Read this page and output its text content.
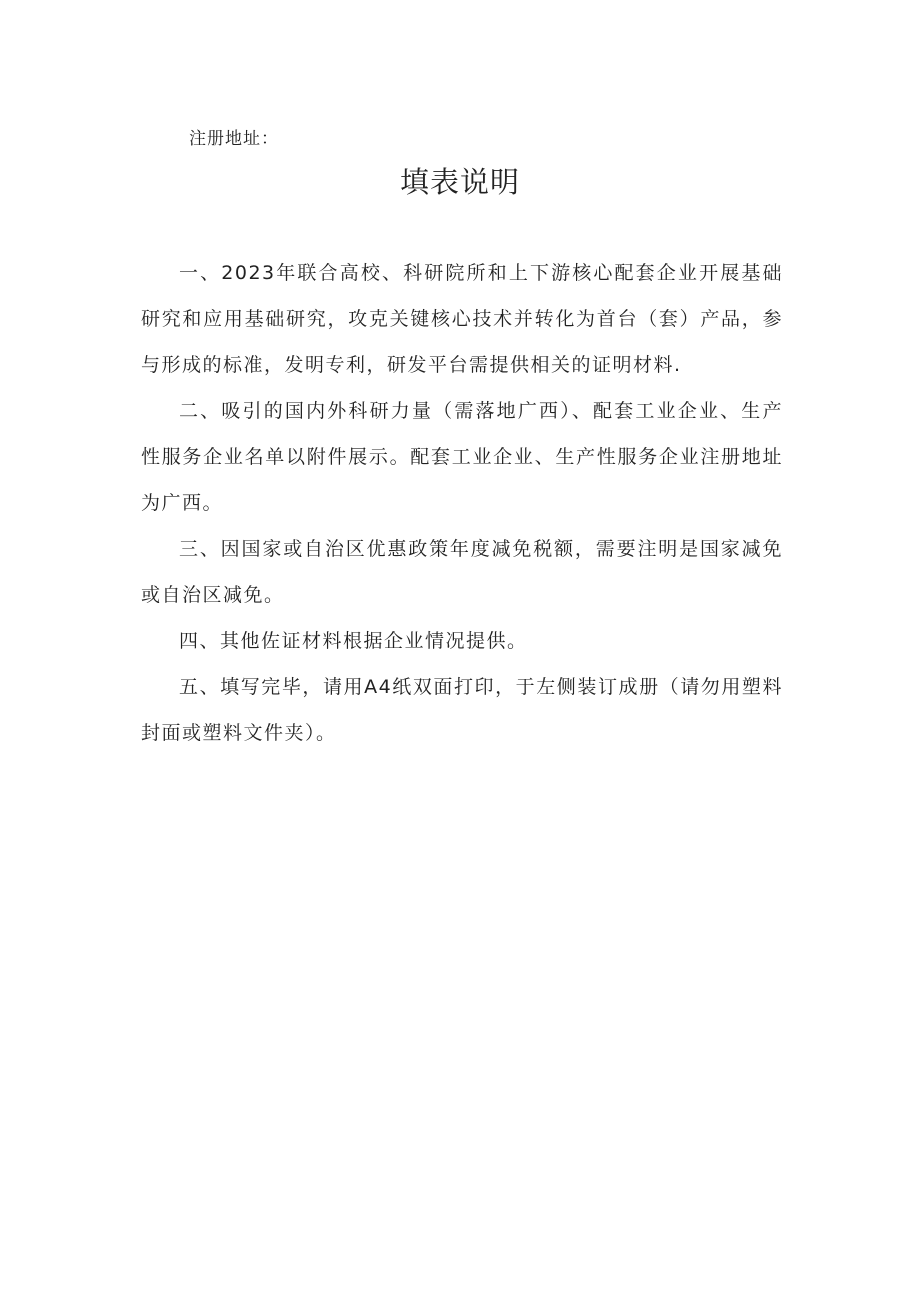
注册地址：
填表说明

一、2023年联合高校、科研院所和上下游核心配套企业开展基础研究和应用基础研究，攻克关键核心技术并转化为首台（套）产品，参与形成的标准，发明专利，研发平台需提供相关的证明材料.

二、吸引的国内外科研力量（需落地广西）、配套工业企业、生产性服务企业名单以附件展示。配套工业企业、生产性服务企业注册地址为广西。

三、因国家或自治区优惠政策年度减免税额，需要注明是国家减免或自治区减免。

四、其他佐证材料根据企业情况提供。

五、填写完毕，请用A4纸双面打印，于左侧装订成册（请勿用塑料封面或塑料文件夹）。
